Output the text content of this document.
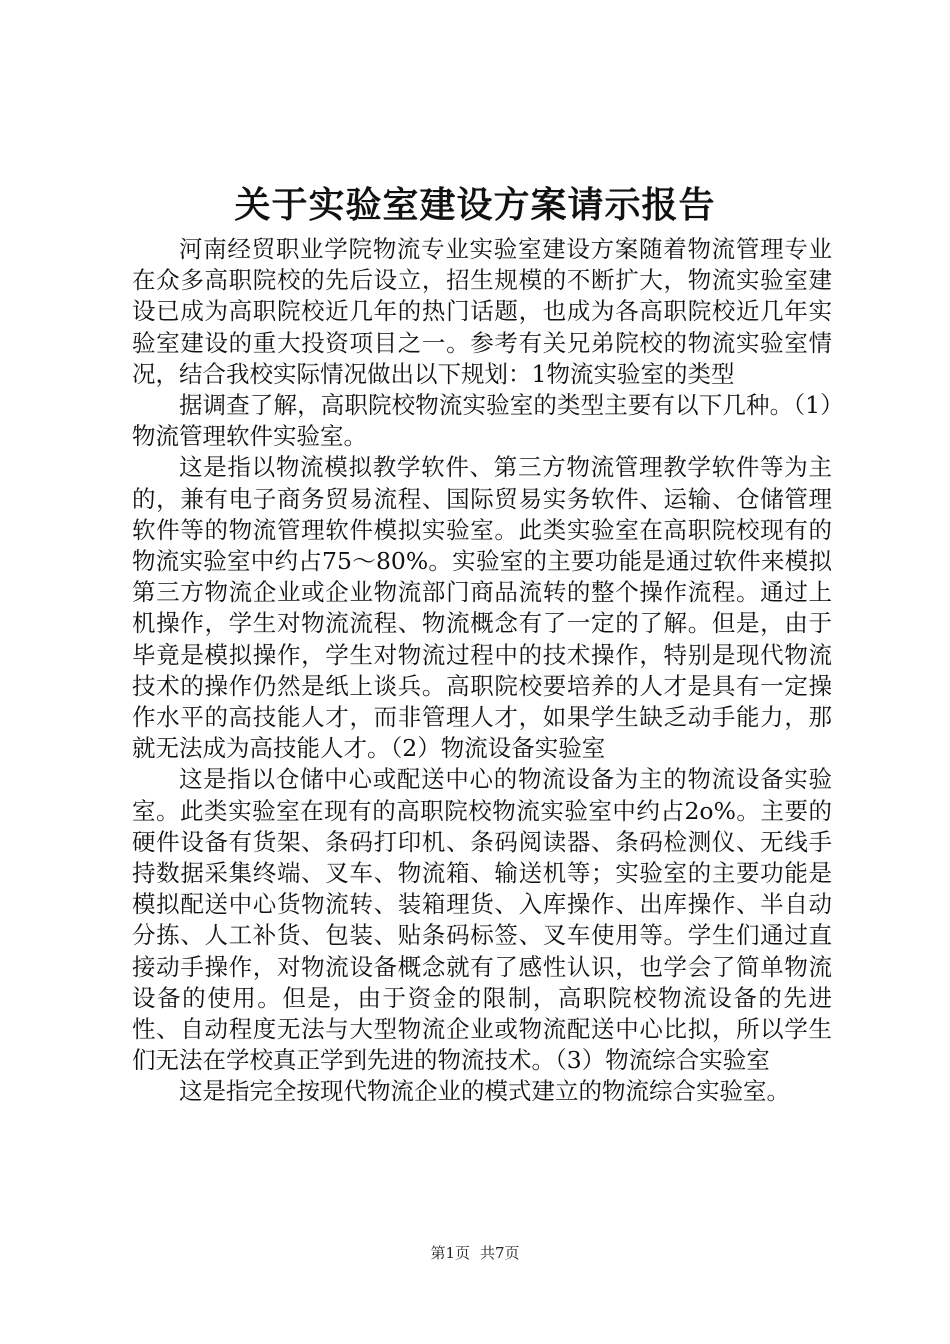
关于实验室建设方案请示报告

河南经贸职业学院物流专业实验室建设方案随着物流管理专业在众多高职院校的先后设立，招生规模的不断扩大，物流实验室建设已成为高职院校近几年的热门话题，也成为各高职院校近几年实验室建设的重大投资项目之一。参考有关兄弟院校的物流实验室情况，结合我校实际情况做出以下规划：1物流实验室的类型

据调查了解，高职院校物流实验室的类型主要有以下几种。（1）物流管理软件实验室。

这是指以物流模拟教学软件、第三方物流管理教学软件等为主的，兼有电子商务贸易流程、国际贸易实务软件、运输、仓储管理软件等的物流管理软件模拟实验室。此类实验室在高职院校现有的物流实验室中约占75～80%。实验室的主要功能是通过软件来模拟第三方物流企业或企业物流部门商品流转的整个操作流程。通过上机操作，学生对物流流程、物流概念有了一定的了解。但是，由于毕竟是模拟操作，学生对物流过程中的技术操作，特别是现代物流技术的操作仍然是纸上谈兵。高职院校要培养的人才是具有一定操作水平的高技能人才，而非管理人才，如果学生缺乏动手能力，那就无法成为高技能人才。（2）物流设备实验室

这是指以仓储中心或配送中心的物流设备为主的物流设备实验室。此类实验室在现有的高职院校物流实验室中约占2o%。主要的硬件设备有货架、条码打印机、条码阅读器、条码检测仪、无线手持数据采集终端、叉车、物流箱、输送机等；实验室的主要功能是模拟配送中心货物流转、装箱理货、入库操作、出库操作、半自动分拣、人工补货、包装、贴条码标签、叉车使用等。学生们通过直接动手操作，对物流设备概念就有了感性认识，也学会了简单物流设备的使用。但是，由于资金的限制，高职院校物流设备的先进性、自动程度无法与大型物流企业或物流配送中心比拟，所以学生们无法在学校真正学到先进的物流技术。（3）物流综合实验室

这是指完全按现代物流企业的模式建立的物流综合实验室。

第1页 共7页
